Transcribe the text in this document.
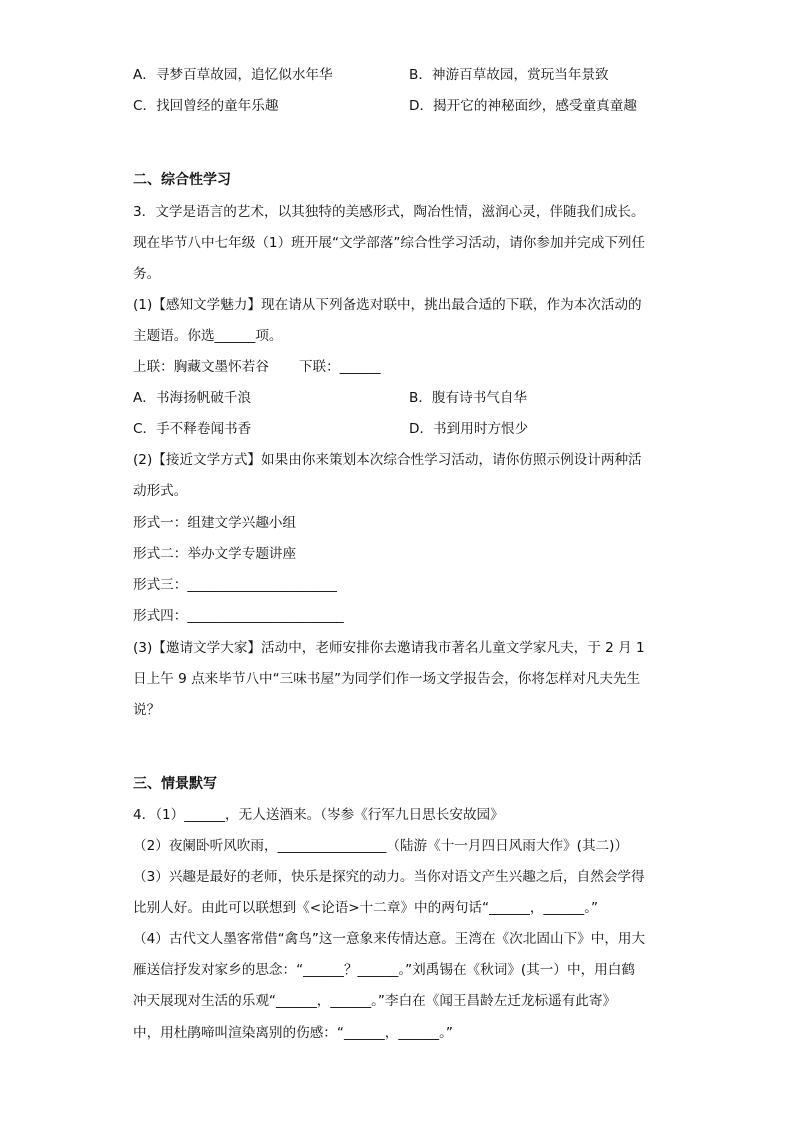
A．寻梦百草故园，追忆似水年华	B．神游百草故园，赏玩当年景致
C．找回曾经的童年乐趣	D．揭开它的神秘面纱，感受童真童趣
二、综合性学习
3．文学是语言的艺术，以其独特的美感形式，陶冶性情，滋润心灵，伴随我们成长。
现在毕节八中七年级（1）班开展“文学部落”综合性学习活动，请你参加并完成下列任
务。
(1)【感知文学魅力】现在请从下列备选对联中，挑出最合适的下联，作为本次活动的
主题语。你选______项。
上联：胸藏文墨怀若谷 下联：______
A．书海扬帆破千浪	B．腹有诗书气自华
C．手不释卷闻书香	D．书到用时方恨少
(2)【接近文学方式】如果由你来策划本次综合性学习活动，请你仿照示例设计两种活
动形式。
形式一：组建文学兴趣小组
形式二：举办文学专题讲座
形式三：______________________
形式四：_______________________
(3)【邀请文学大家】活动中，老师安排你去邀请我市著名儿童文学家凡夫，于 2 月 1
日上午 9 点来毕节八中“三味书屋”为同学们作一场文学报告会，你将怎样对凡夫先生
说？
三、情景默写
4．（1）______，无人送酒来。（岑参《行军九日思长安故园》
（2）夜阑卧听风吹雨，________________（陆游《十一月四日风雨大作》(其二)）
（3）兴趣是最好的老师，快乐是探究的动力。当你对语文产生兴趣之后，自然会学得
比别人好。由此可以联想到《<论语>十二章》中的两句话“______，______。”
（4）古代文人墨客常借“禽鸟”这一意象来传情达意。王湾在《次北固山下》中，用大
雁送信抒发对家乡的思念：“______？______。”刘禹锡在《秋词》(其一）中，用白鹤
冲天展现对生活的乐观“______，______。”李白在《闻王昌龄左迁龙标遥有此寄》
中，用杜鹃啼叫渲染离别的伤感：“______，______。”
